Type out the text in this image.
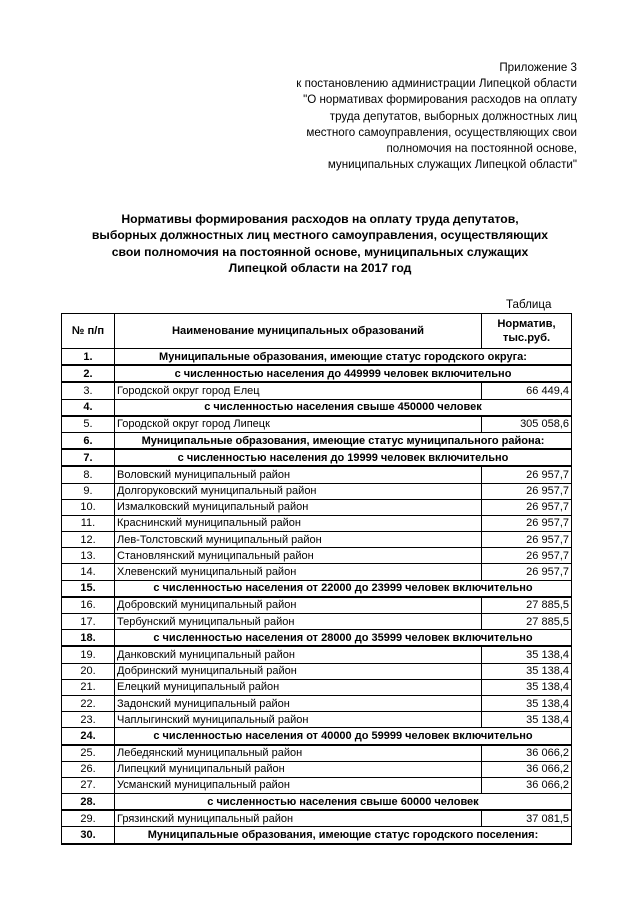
Приложение 3
к постановлению администрации Липецкой области
"О нормативах формирования расходов на оплату
труда депутатов, выборных должностных лиц
местного самоуправления, осуществляющих свои
полномочия на постоянной основе,
муниципальных служащих Липецкой области"
Нормативы формирования расходов на оплату труда депутатов,
выборных должностных лиц местного самоуправления, осуществляющих
свои полномочия на постоянной основе, муниципальных служащих
Липецкой области на 2017 год
Таблица
№ п/п	Наименование муниципальных образований	Норматив,
тыс.руб.

1.	Муниципальные образования, имеющие статус городского округа:	
2.	с численностью населения до 449999 человек включительно	
3.	Городской округ город Елец	66 449,4
4.	с численностью населения свыше 450000 человек	
5.	Городской округ город Липецк	305 058,6
6.	Муниципальные образования, имеющие статус муниципального района:	
7.	с численностью населения до 19999 человек включительно	
8.	Воловский муниципальный район	26 957,7
9.	Долгоруковский муниципальный район	26 957,7
10.	Измалковский муниципальный район	26 957,7
11.	Краснинский муниципальный район	26 957,7
12.	Лев-Толстовский муниципальный район	26 957,7
13.	Становлянский муниципальный район	26 957,7
14.	Хлевенский муниципальный район	26 957,7
15.	с численностью населения от 22000 до 23999 человек включительно	
16.	Добровский муниципальный район	27 885,5
17.	Тербунский муниципальный район	27 885,5
18.	с численностью населения от 28000 до 35999 человек включительно	
19.	Данковский муниципальный район	35 138,4
20.	Добринский муниципальный район	35 138,4
21.	Елецкий муниципальный район	35 138,4
22.	Задонский муниципальный район	35 138,4
23.	Чаплыгинский муниципальный район	35 138,4
24.	с численностью населения от 40000 до 59999 человек включительно	
25.	Лебедянский муниципальный район	36 066,2
26.	Липецкий муниципальный район	36 066,2
27.	Усманский муниципальный район	36 066,2
28.	с численностью населения свыше 60000 человек	
29.	Грязинский муниципальный район	37 081,5
30.	Муниципальные образования, имеющие статус городского поселения:	
